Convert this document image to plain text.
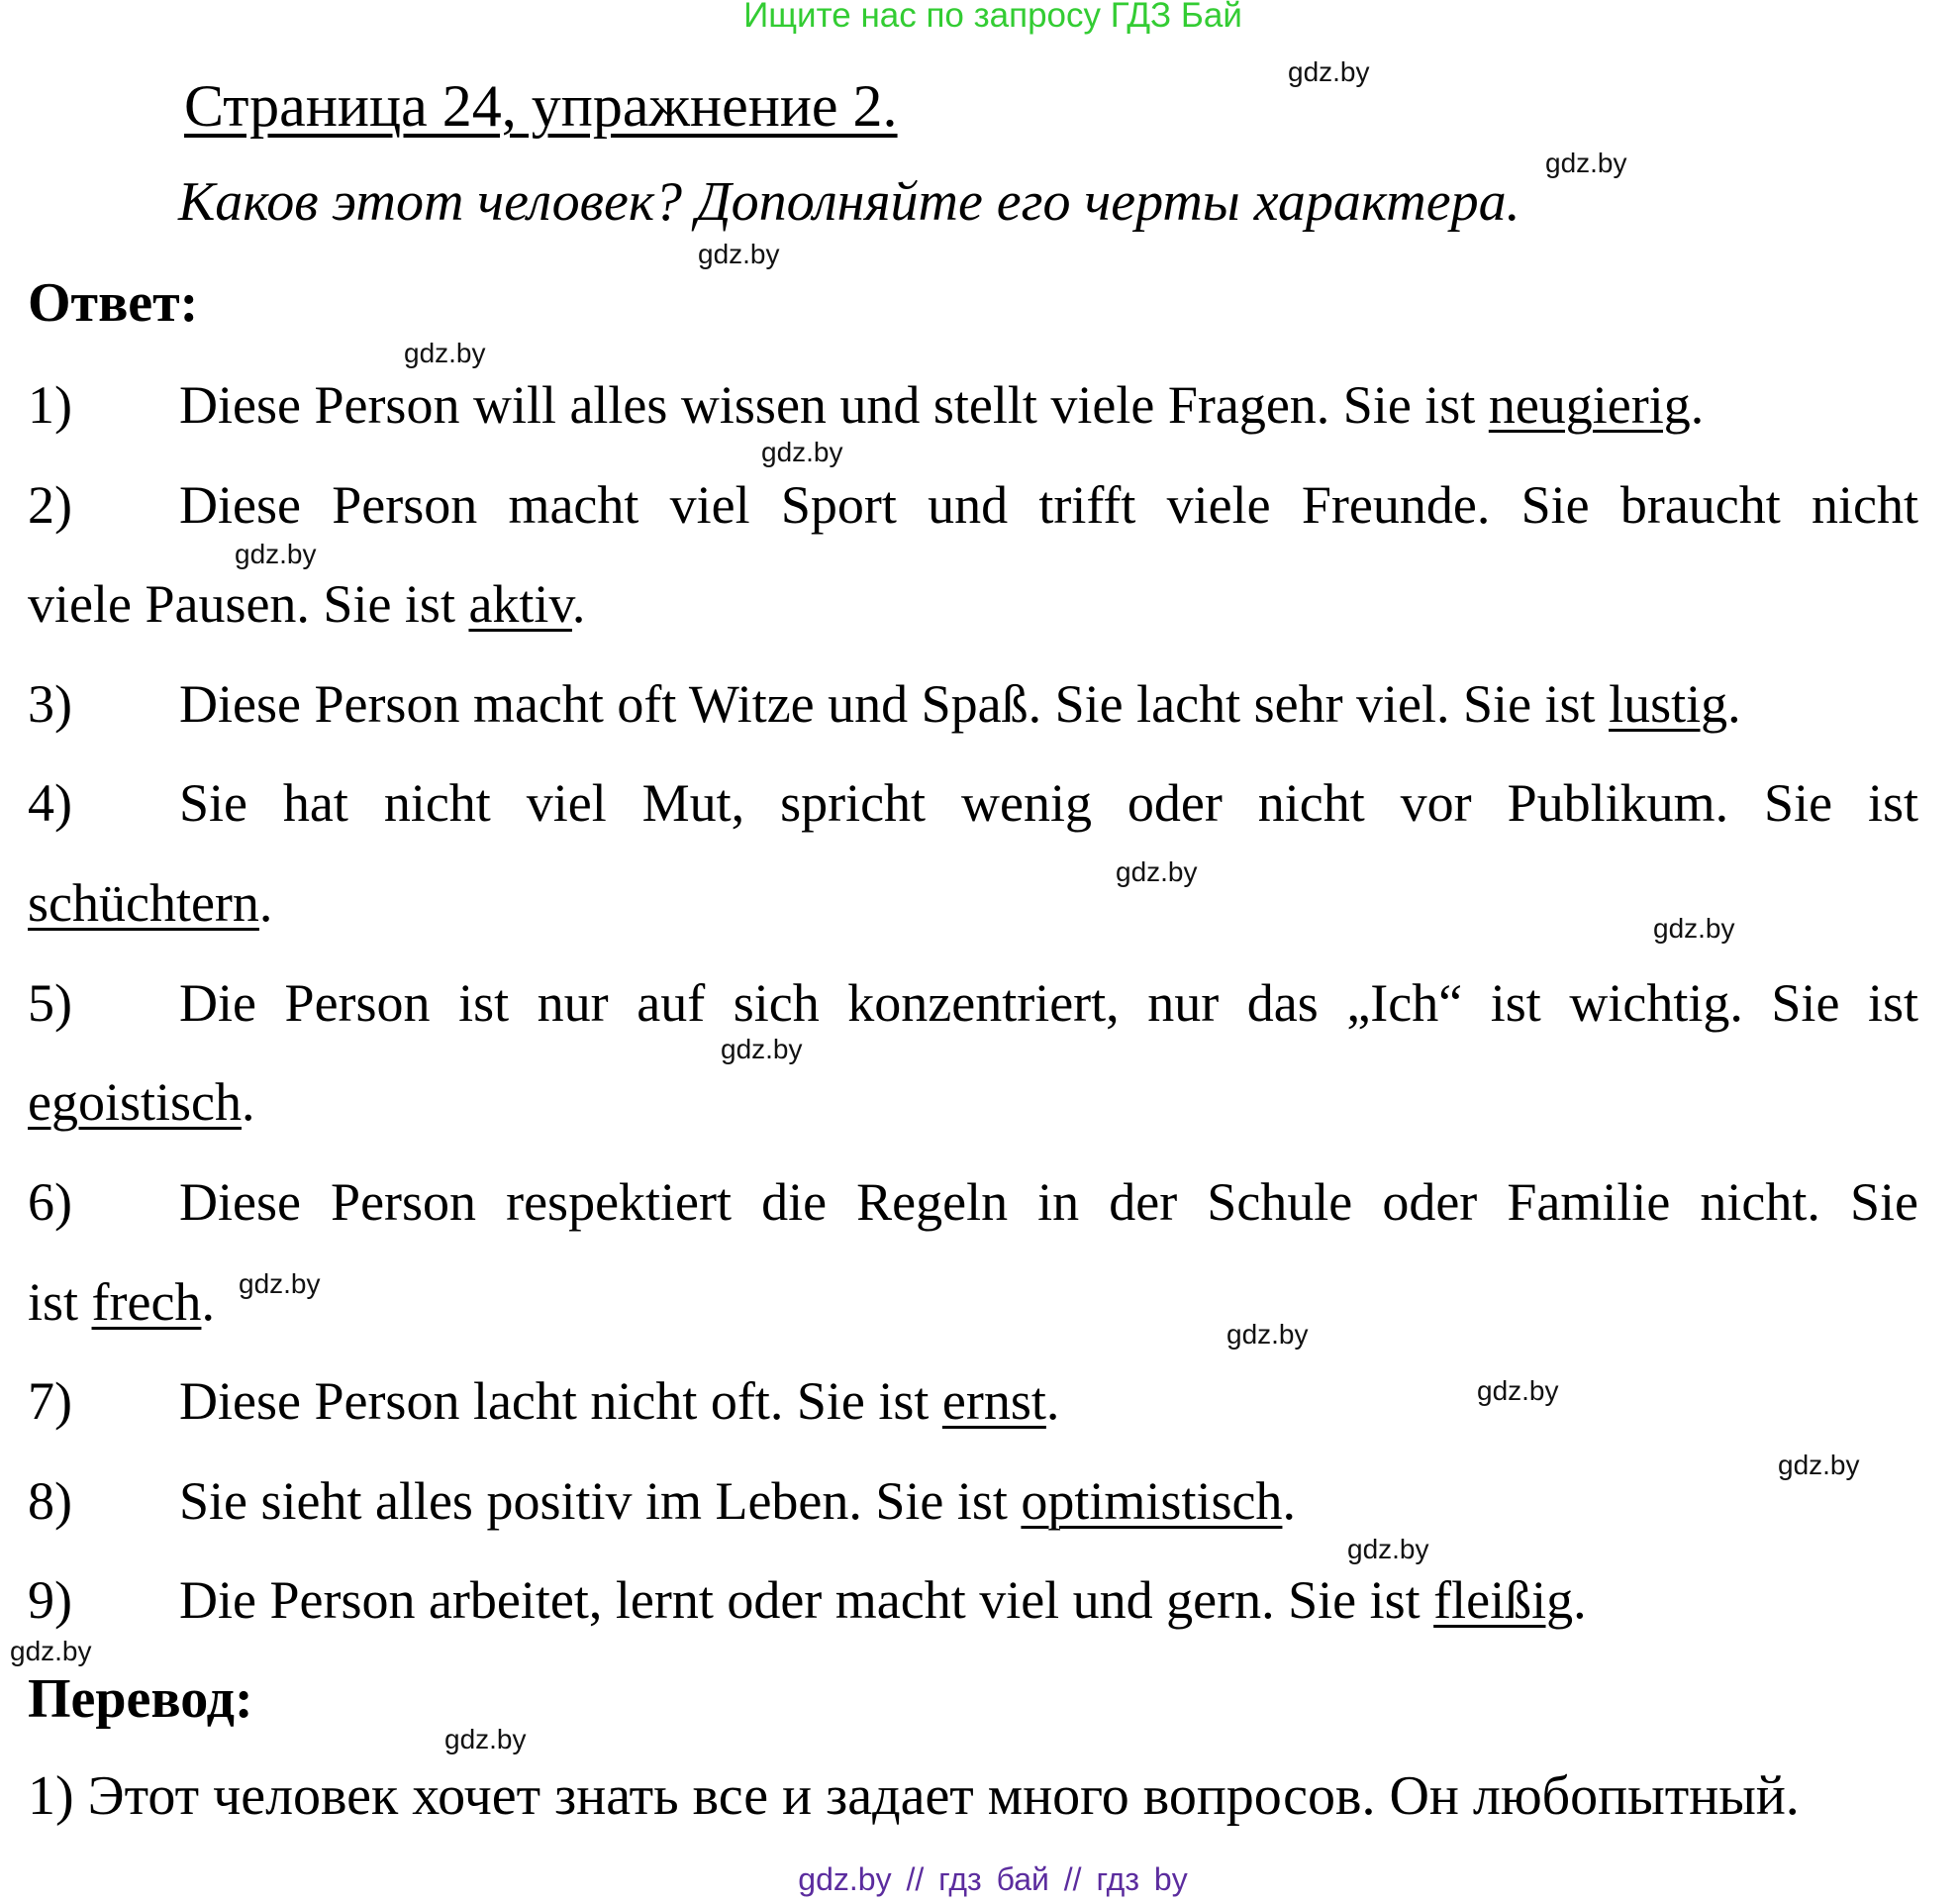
Ищите нас по запросу ГДЗ Бай
Страница 24, упражнение 2.
Каков этот человек? Дополняйте его черты характера.
Ответ:
1) Diese Person will alles wissen und stellt viele Fragen. Sie ist neugierig.
2) Diese Person macht viel Sport und trifft viele Freunde. Sie braucht nicht
viele Pausen. Sie ist aktiv.
3) Diese Person macht oft Witze und Spaß. Sie lacht sehr viel. Sie ist lustig.
4) Sie hat nicht viel Mut, spricht wenig oder nicht vor Publikum. Sie ist
schüchtern.
5) Die Person ist nur auf sich konzentriert, nur das „Ich“ ist wichtig. Sie ist
egoistisch.
6) Diese Person respektiert die Regeln in der Schule oder Familie nicht. Sie
ist frech.
7) Diese Person lacht nicht oft. Sie ist ernst.
8) Sie sieht alles positiv im Leben. Sie ist optimistisch.
9) Die Person arbeitet, lernt oder macht viel und gern. Sie ist fleißig.
Перевод:
1) Этот человек хочет знать все и задает много вопросов. Он любопытный.
gdz.by // гдз бай // гдз by
gdz.by
gdz.by
gdz.by
gdz.by
gdz.by
gdz.by
gdz.by
gdz.by
gdz.by
gdz.by
gdz.by
gdz.by
gdz.by
gdz.by
gdz.by
gdz.by
